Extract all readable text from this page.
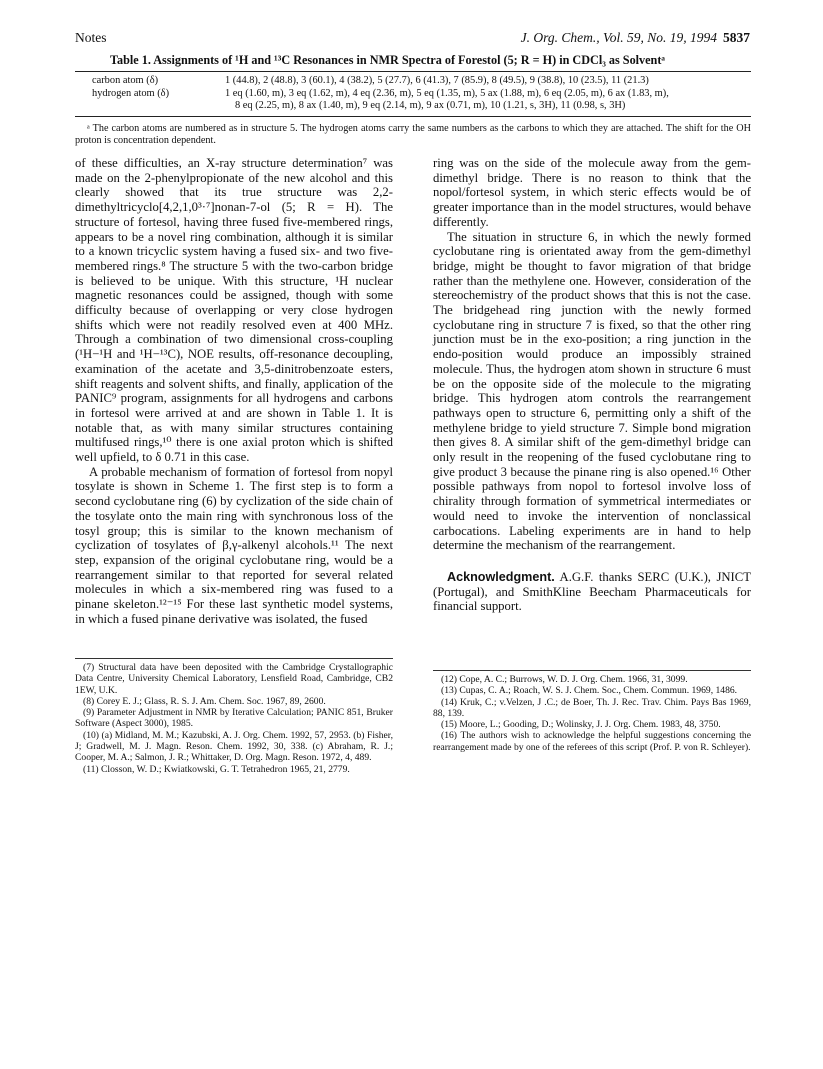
Notes	J. Org. Chem., Vol. 59, No. 19, 1994 5837
Table 1. Assignments of ¹H and ¹³C Resonances in NMR Spectra of Forestol (5; R = H) in CDCl₃ as Solventᵃ
carbon atom (δ)	1 (44.8), 2 (48.8), 3 (60.1), 4 (38.2), 5 (27.7), 6 (41.3), 7 (85.9), 8 (49.5), 9 (38.8), 10 (23.5), 11 (21.3)
hydrogen atom (δ)	1 eq (1.60, m), 3 eq (1.62, m), 4 eq (2.36, m), 5 eq (1.35, m), 5 ax (1.88, m), 6 eq (2.05, m), 6 ax (1.83, m),
8 eq (2.25, m), 8 ax (1.40, m), 9 eq (2.14, m), 9 ax (0.71, m), 10 (1.21, s, 3H), 11 (0.98, s, 3H)
ᵃ The carbon atoms are numbered as in structure 5. The hydrogen atoms carry the same numbers as the carbons to which they are attached. The shift for the OH proton is concentration dependent.

of these difficulties, an X-ray structure determination⁷ was made on the 2-phenylpropionate of the new alcohol and this clearly showed that its true structure was 2,2-dimethyltricyclo[4,2,1,0³·⁷]nonan-7-ol (5; R = H). The structure of fortesol, having three fused five-membered rings, appears to be a novel ring combination, although it is similar to a known tricyclic system having a fused six- and two five-membered rings.⁸ The structure 5 with the two-carbon bridge is believed to be unique. With this structure, ¹H nuclear magnetic resonances could be assigned, though with some difficulty because of overlapping or very close hydrogen shifts which were not readily resolved even at 400 MHz. Through a combination of two dimensional cross-coupling (¹H−¹H and ¹H−¹³C), NOE results, off-resonance decoupling, examination of the acetate and 3,5-dinitrobenzoate esters, shift reagents and solvent shifts, and finally, application of the PANIC⁹ program, assignments for all hydrogens and carbons in fortesol were arrived at and are shown in Table 1. It is notable that, as with many similar structures containing multifused rings,¹⁰ there is one axial proton which is shifted well upfield, to δ 0.71 in this case.

A probable mechanism of formation of fortesol from nopyl tosylate is shown in Scheme 1. The first step is to form a second cyclobutane ring (6) by cyclization of the side chain of the tosylate onto the main ring with synchronous loss of the tosyl group; this is similar to the known mechanism of cyclization of tosylates of β,γ-alkenyl alcohols.¹¹ The next step, expansion of the original cyclobutane ring, would be a rearrangement similar to that reported for several related molecules in which a six-membered ring was fused to a pinane skeleton.¹²⁻¹⁵ For these last synthetic model systems, in which a fused pinane derivative was isolated, the fused

ring was on the side of the molecule away from the gem-dimethyl bridge. There is no reason to think that the nopol/fortesol system, in which steric effects would be of greater importance than in the model structures, would behave differently.

The situation in structure 6, in which the newly formed cyclobutane ring is orientated away from the gem-dimethyl bridge, might be thought to favor migration of that bridge rather than the methylene one. However, consideration of the stereochemistry of the product shows that this is not the case. The bridgehead ring junction with the newly formed cyclobutane ring in structure 7 is fixed, so that the other ring junction must be in the exo-position; a ring junction in the endo-position would produce an impossibly strained molecule. Thus, the hydrogen atom shown in structure 6 must be on the opposite side of the molecule to the migrating bridge. This hydrogen atom controls the rearrangement pathways open to structure 6, permitting only a shift of the methylene bridge to yield structure 7. Simple bond migration then gives 8. A similar shift of the gem-dimethyl bridge can only result in the reopening of the fused cyclobutane ring to give product 3 because the pinane ring is also opened.¹⁶ Other possible pathways from nopol to fortesol involve loss of chirality through formation of symmetrical intermediates or would need to invoke the intervention of nonclassical carbocations. Labeling experiments are in hand to help determine the mechanism of the rearrangement.

Acknowledgment. A.G.F. thanks SERC (U.K.), JNICT (Portugal), and SmithKline Beecham Pharmaceuticals for financial support.

(7) Structural data have been deposited with the Cambridge Crystallographic Data Centre, University Chemical Laboratory, Lensfield Road, Cambridge, CB2 1EW, U.K.

(8) Corey E. J.; Glass, R. S. J. Am. Chem. Soc. 1967, 89, 2600.

(9) Parameter Adjustment in NMR by Iterative Calculation; PANIC 851, Bruker Software (Aspect 3000), 1985.

(10) (a) Midland, M. M.; Kazubski, A. J. Org. Chem. 1992, 57, 2953. (b) Fisher, J; Gradwell, M. J. Magn. Reson. Chem. 1992, 30, 338. (c) Abraham, R. J.; Cooper, M. A.; Salmon, J. R.; Whittaker, D. Org. Magn. Reson. 1972, 4, 489.

(11) Closson, W. D.; Kwiatkowski, G. T. Tetrahedron 1965, 21, 2779.

(12) Cope, A. C.; Burrows, W. D. J. Org. Chem. 1966, 31, 3099.

(13) Cupas, C. A.; Roach, W. S. J. Chem. Soc., Chem. Commun. 1969, 1486.

(14) Kruk, C.; v.Velzen, J .C.; de Boer, Th. J. Rec. Trav. Chim. Pays Bas 1969, 88, 139.

(15) Moore, L.; Gooding, D.; Wolinsky, J. J. Org. Chem. 1983, 48, 3750.

(16) The authors wish to acknowledge the helpful suggestions concerning the rearrangement made by one of the referees of this script (Prof. P. von R. Schleyer).
